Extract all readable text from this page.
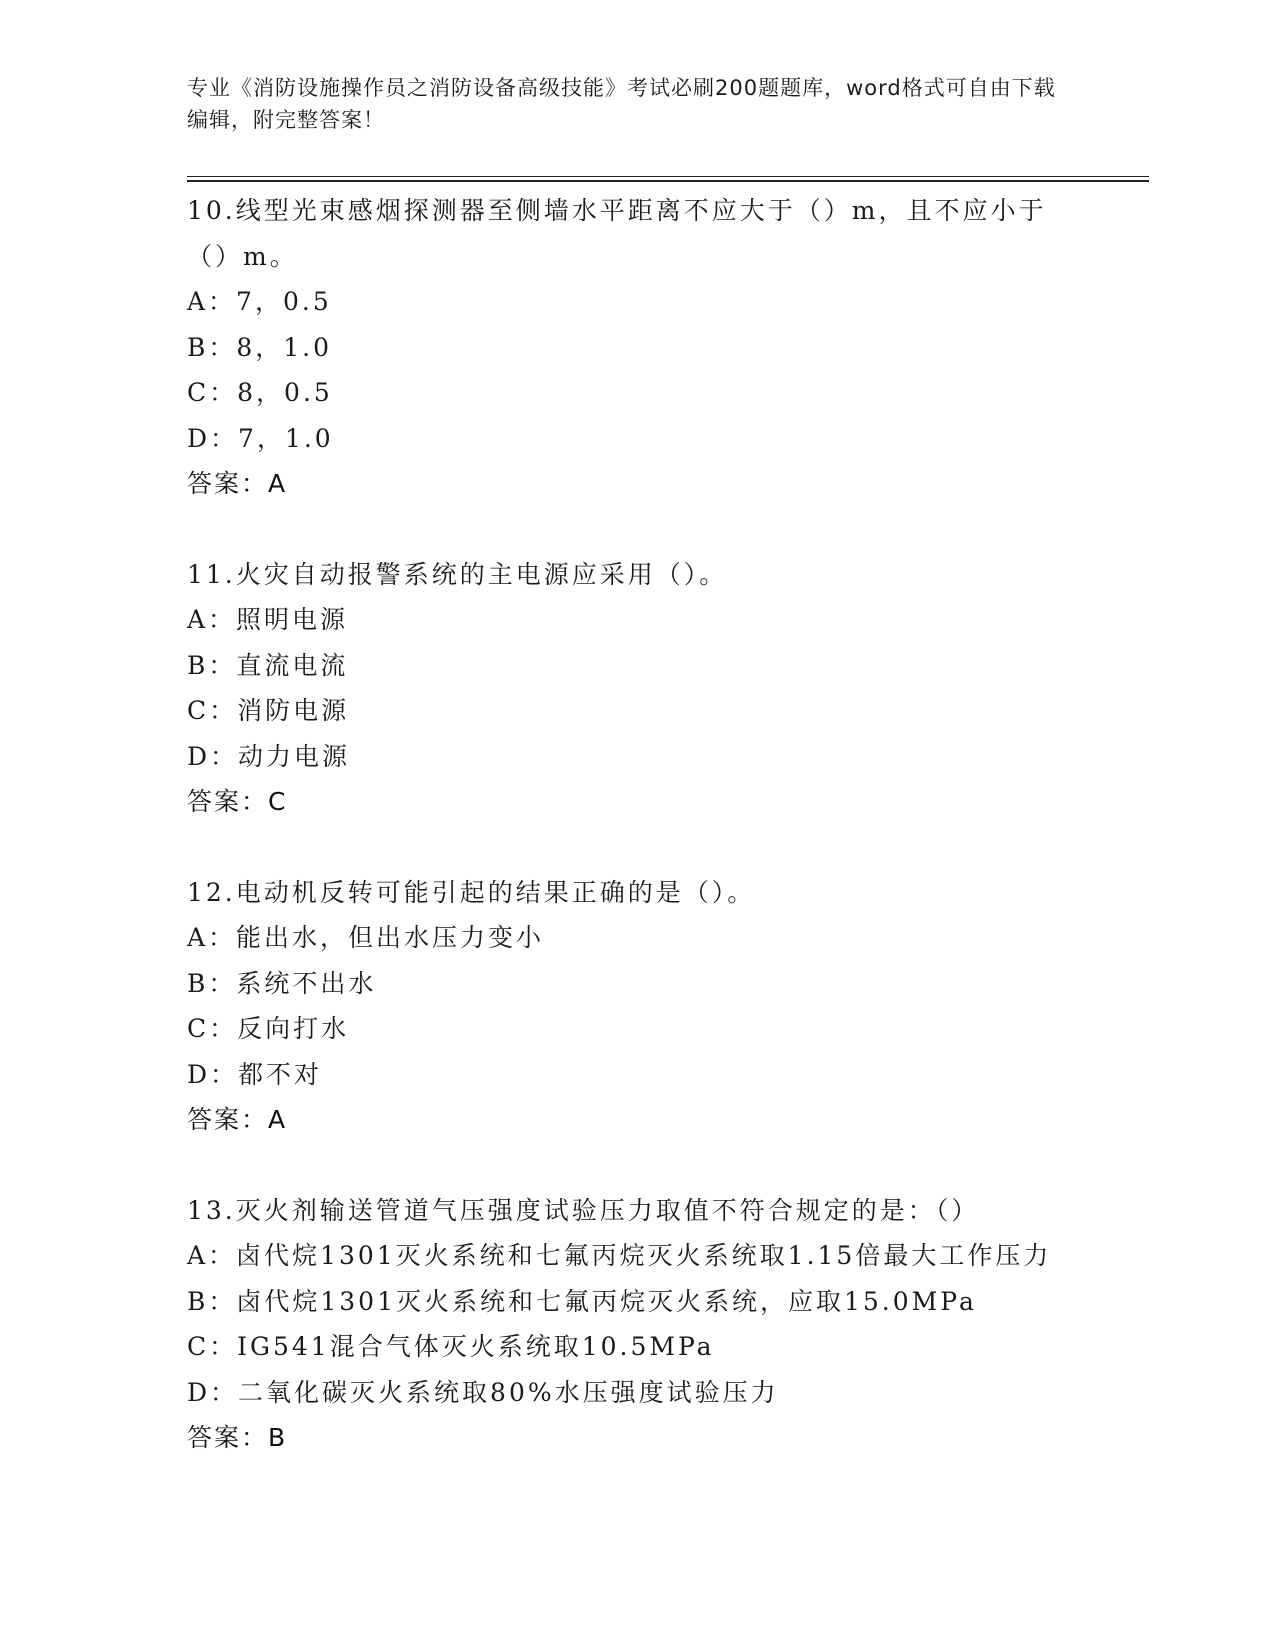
专业《消防设施操作员之消防设备高级技能》考试必刷200题题库，word格式可自由下载编辑，附完整答案！
10.线型光束感烟探测器至侧墙水平距离不应大于（）m，且不应小于（）m。
A：7，0.5
B：8，1.0
C：8，0.5
D：7，1.0
答案：A
11.火灾自动报警系统的主电源应采用（）。
A：照明电源
B：直流电流
C：消防电源
D：动力电源
答案：C
12.电动机反转可能引起的结果正确的是（）。
A：能出水，但出水压力变小
B：系统不出水
C：反向打水
D：都不对
答案：A
13.灭火剂输送管道气压强度试验压力取值不符合规定的是：（）
A：卤代烷1301灭火系统和七氟丙烷灭火系统取1.15倍最大工作压力
B：卤代烷1301灭火系统和七氟丙烷灭火系统，应取15.0MPa
C：IG541混合气体灭火系统取10.5MPa
D：二氧化碳灭火系统取80%水压强度试验压力
答案：B
